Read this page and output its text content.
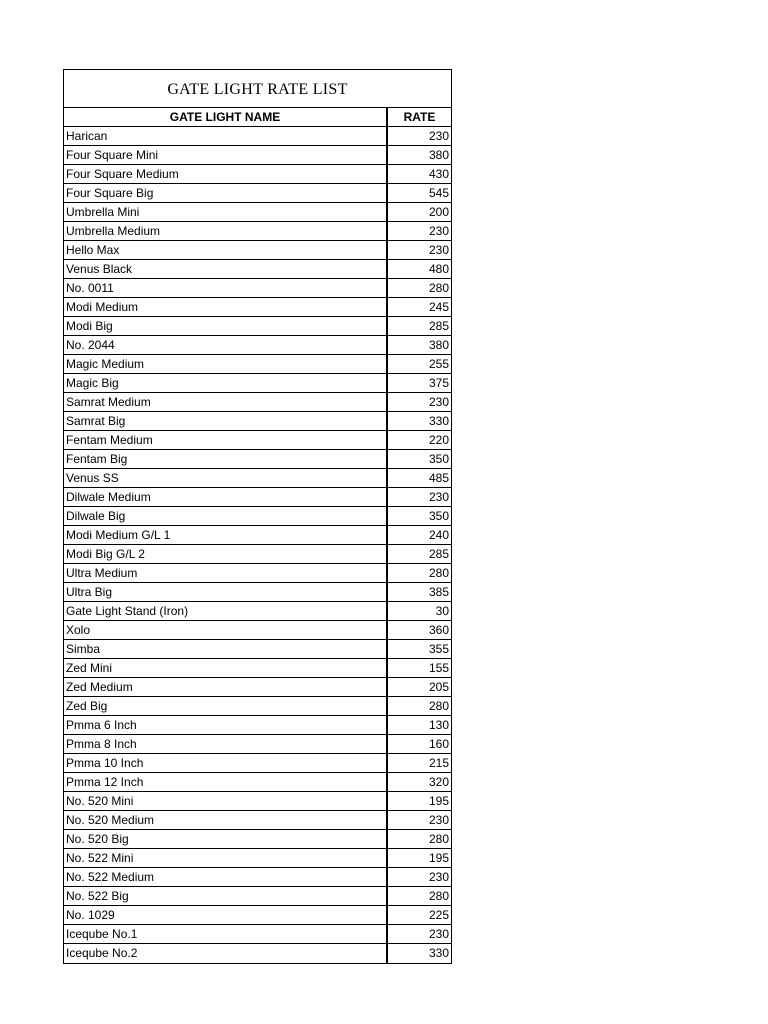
GATE LIGHT RATE LIST
GATE LIGHT NAME	RATE
Harican	230
Four Square Mini	380
Four Square Medium	430
Four Square Big	545
Umbrella Mini	200
Umbrella Medium	230
Hello Max	230
Venus Black	480
No. 0011	280
Modi Medium	245
Modi Big	285
No. 2044	380
Magic Medium	255
Magic Big	375
Samrat Medium	230
Samrat Big	330
Fentam Medium	220
Fentam Big	350
Venus SS	485
Dilwale Medium	230
Dilwale Big	350
Modi Medium G/L 1	240
Modi Big G/L 2	285
Ultra Medium	280
Ultra Big	385
Gate Light Stand (Iron)	30
Xolo	360
Simba	355
Zed Mini	155
Zed Medium	205
Zed Big	280
Pmma 6 Inch	130
Pmma 8 Inch	160
Pmma 10 Inch	215
Pmma 12 Inch	320
No. 520 Mini	195
No. 520 Medium	230
No. 520 Big	280
No. 522 Mini	195
No. 522 Medium	230
No. 522 Big	280
No. 1029	225
Iceqube No.1	230
Iceqube No.2	330
